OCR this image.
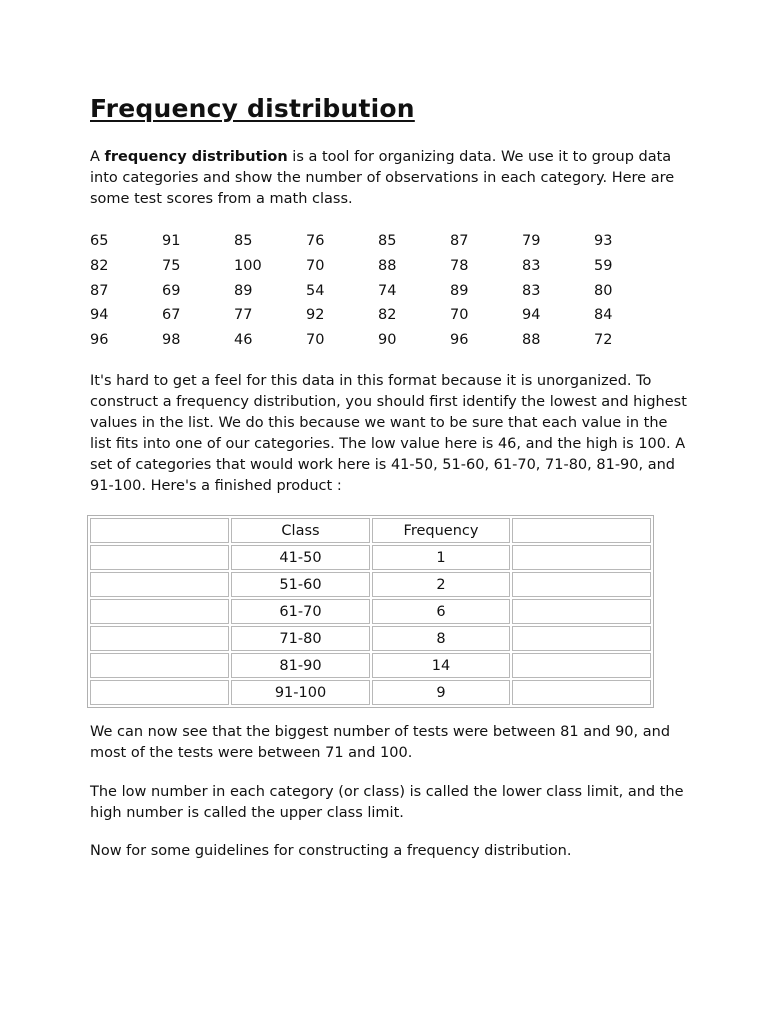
Frequency distribution

A frequency distribution is a tool for organizing data. We use it to group data into categories and show the number of observations in each category. Here are some test scores from a math class.

65	91	85	76	85	87	79	93
82	75	100	70	88	78	83	59
87	69	89	54	74	89	83	80
94	67	77	92	82	70	94	84
96	98	46	70	90	96	88	72

It's hard to get a feel for this data in this format because it is unorganized. To construct a frequency distribution, you should first identify the lowest and highest values in the list. We do this because we want to be sure that each value in the list fits into one of our categories. The low value here is 46, and the high is 100. A set of categories that would work here is 41-50, 51-60, 61-70, 71-80, 81-90, and 91-100. Here's a finished product :

	Class	Frequency	
	41-50	1	
	51-60	2	
	61-70	6	
	71-80	8	
	81-90	14	
	91-100	9	

We can now see that the biggest number of tests were between 81 and 90, and most of the tests were between 71 and 100.

The low number in each category (or class) is called the lower class limit, and the high number is called the upper class limit.

Now for some guidelines for constructing a frequency distribution.
